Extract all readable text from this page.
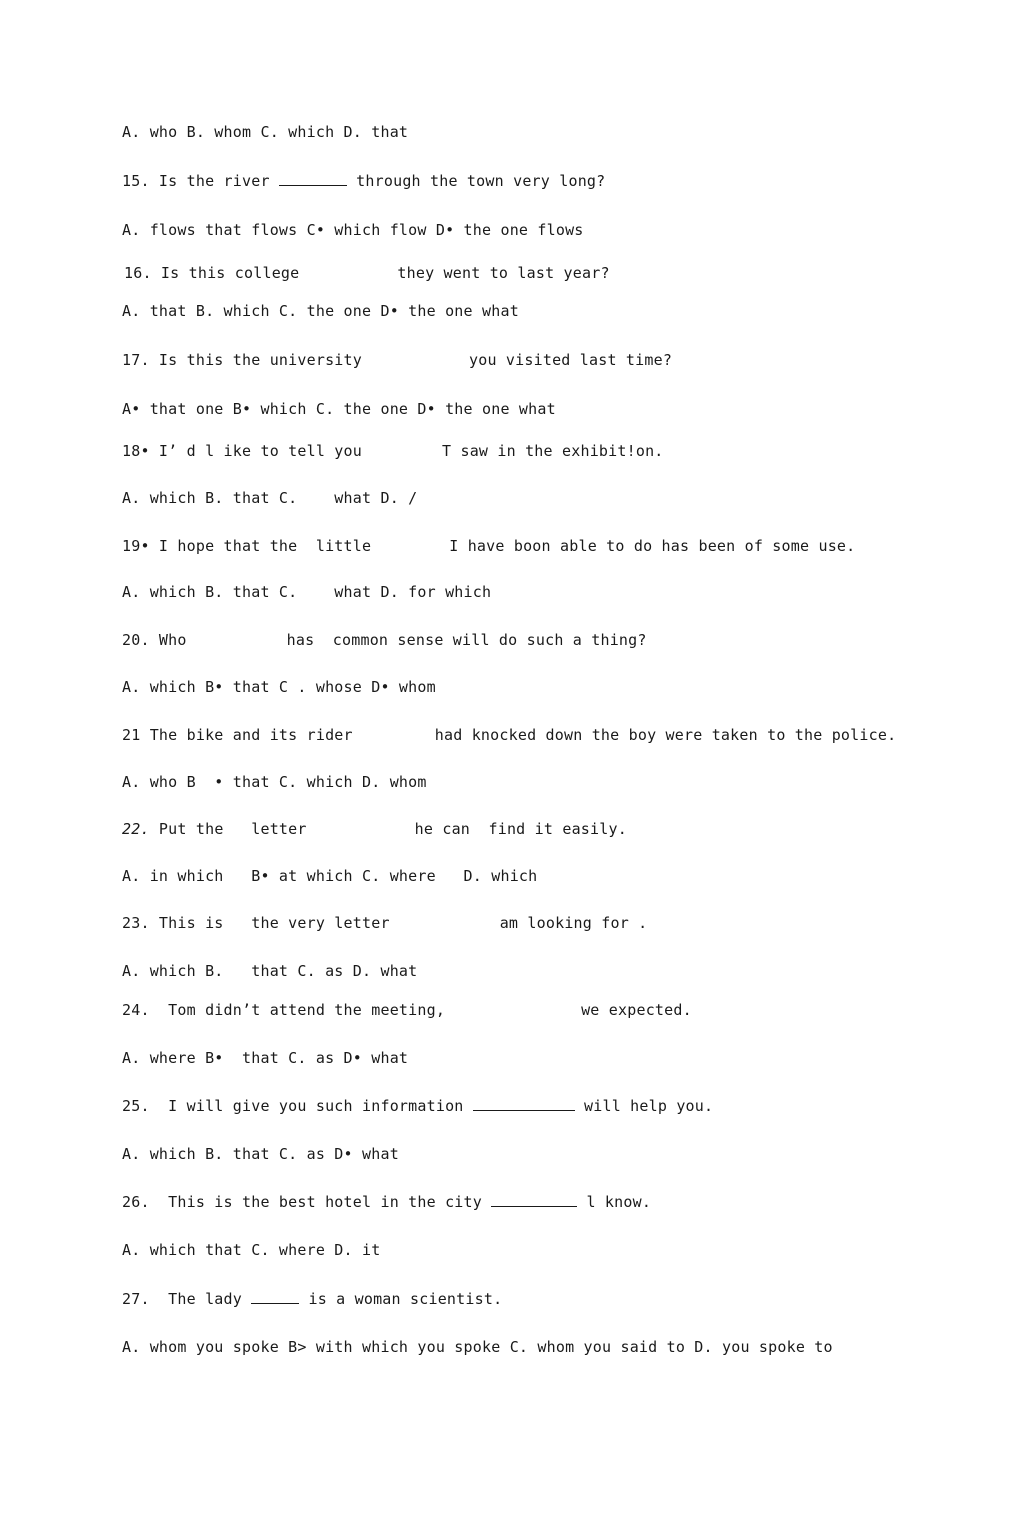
A. who B. whom C. which D. that
15. Is the river	through the town very long?
A. flows that flows C• which flow D• the one flows
16. Is this college	they went to last year?
A. that B. which C. the one D• the one what
17. Is this the university	you visited last time?
A• that one B• which C. the one D• the one what
18• I’ d l ike to tell you	T saw in the exhibit!on.
A. which B. that C.    what D. /
19• I hope that the  little	I have boon able to do has been of some use.
A. which B. that C.    what D. for which
20. Who	has  common sense will do such a thing?
A. which B• that C . whose D• whom
21 The bike and its rider	had knocked down the boy were taken to the police.
A. who B  • that C. which D. whom
22. Put the   letter	he can  find it easily.
A. in which   B• at which C. where   D. which
23. This is   the very letter	am looking for .
A. which B.   that C. as D. what
24.  Tom didn’t attend the meeting,	we expected.
A. where B•  that C. as D• what
25.  I will give you such information	will help you.
A. which B. that C. as D• what
26.  This is the best hotel in the city	l know.
A. which that C. where D. it
27.  The lady	is a woman scientist.
A. whom you spoke B> with which you spoke C. whom you said to D. you spoke to
